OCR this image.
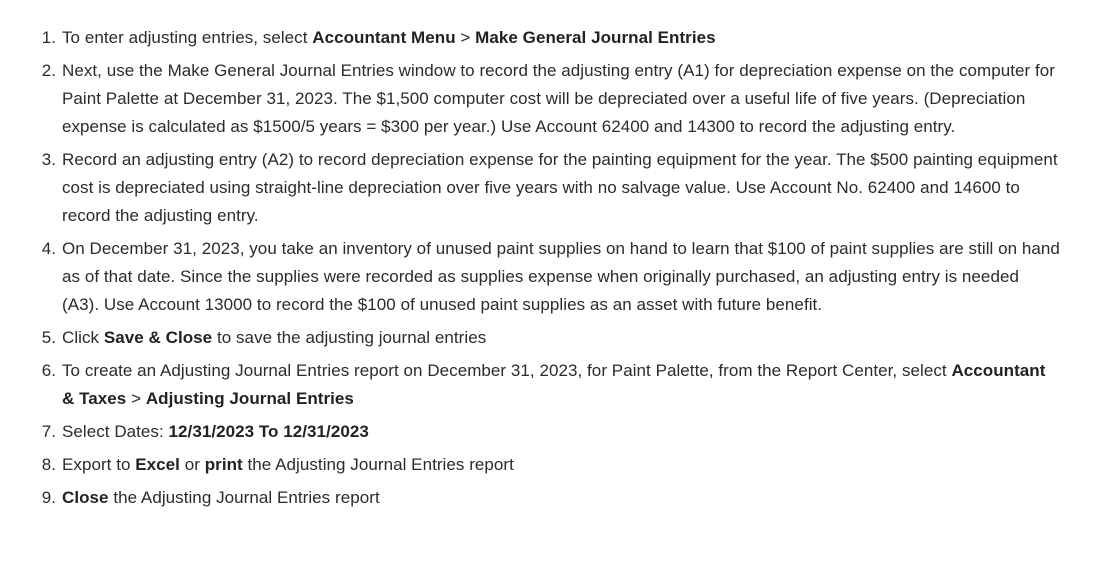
1. To enter adjusting entries, select Accountant Menu > Make General Journal Entries
2. Next, use the Make General Journal Entries window to record the adjusting entry (A1) for depreciation expense on the computer for Paint Palette at December 31, 2023. The $1,500 computer cost will be depreciated over a useful life of five years. (Depreciation expense is calculated as $1500/5 years = $300 per year.) Use Account 62400 and 14300 to record the adjusting entry.
3. Record an adjusting entry (A2) to record depreciation expense for the painting equipment for the year. The $500 painting equipment cost is depreciated using straight-line depreciation over five years with no salvage value. Use Account No. 62400 and 14600 to record the adjusting entry.
4. On December 31, 2023, you take an inventory of unused paint supplies on hand to learn that $100 of paint supplies are still on hand as of that date. Since the supplies were recorded as supplies expense when originally purchased, an adjusting entry is needed (A3). Use Account 13000 to record the $100 of unused paint supplies as an asset with future benefit.
5. Click Save & Close to save the adjusting journal entries
6. To create an Adjusting Journal Entries report on December 31, 2023, for Paint Palette, from the Report Center, select Accountant & Taxes > Adjusting Journal Entries
7. Select Dates: 12/31/2023 To 12/31/2023
8. Export to Excel or print the Adjusting Journal Entries report
9. Close the Adjusting Journal Entries report
